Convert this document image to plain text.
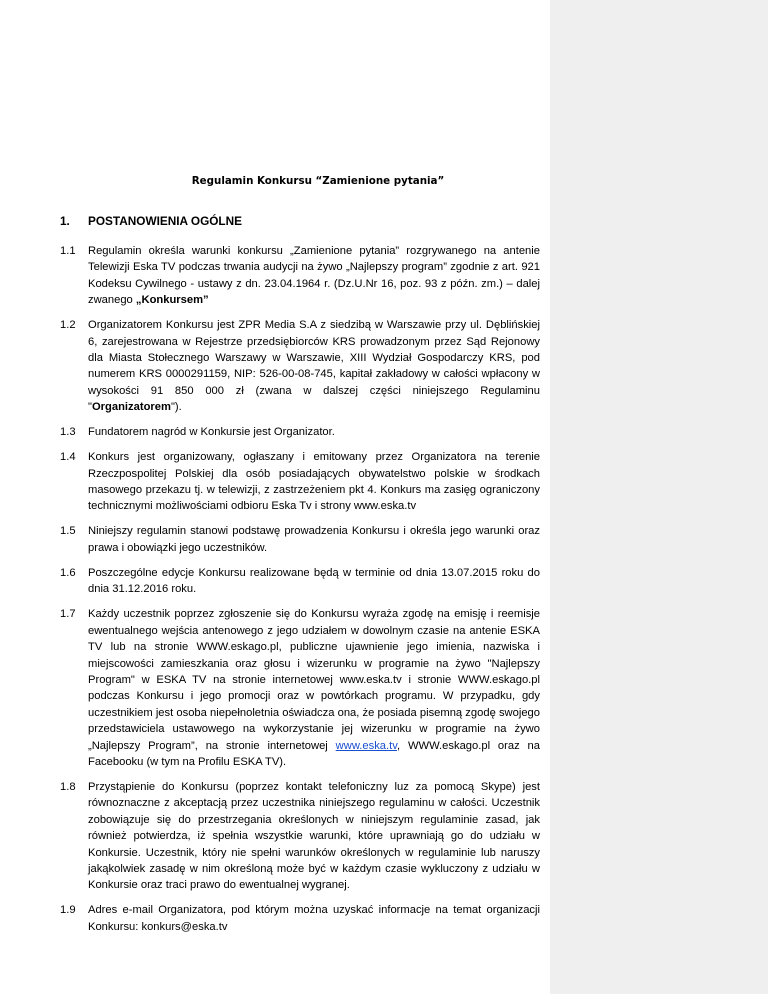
Regulamin Konkursu “Zamienione pytania”
1. POSTANOWIENIA OGÓLNE
1.1	Regulamin określa warunki konkursu „Zamienione pytania” rozgrywanego na antenie Telewizji Eska TV podczas trwania audycji na żywo „Najlepszy program” zgodnie z art. 921 Kodeksu Cywilnego - ustawy z dn. 23.04.1964 r. (Dz.U.Nr 16, poz. 93 z późn. zm.) – dalej zwanego „Konkursem”
1.2	Organizatorem Konkursu jest ZPR Media S.A z siedzibą w Warszawie przy ul. Dęblińskiej 6, zarejestrowana w Rejestrze przedsiębiorców KRS prowadzonym przez Sąd Rejonowy dla Miasta Stołecznego Warszawy w Warszawie, XIII Wydział Gospodarczy KRS, pod numerem KRS 0000291159, NIP: 526-00-08-745, kapitał zakładowy w całości wpłacony w wysokości 91 850 000 zł (zwana w dalszej części niniejszego Regulaminu "Organizatorem").
1.3	Fundatorem nagród w Konkursie jest Organizator.
1.4	Konkurs jest organizowany, ogłaszany i emitowany przez Organizatora na terenie Rzeczpospolitej Polskiej dla osób posiadających obywatelstwo polskie w środkach masowego przekazu tj. w telewizji, z zastrzeżeniem pkt 4. Konkurs ma zasięg ograniczony technicznymi możliwościami odbioru Eska Tv i strony www.eska.tv
1.5	Niniejszy regulamin stanowi podstawę prowadzenia Konkursu i określa jego warunki oraz prawa i obowiązki jego uczestników.
1.6	Poszczególne edycje Konkursu realizowane będą w terminie od dnia 13.07.2015 roku do dnia 31.12.2016 roku.
1.7	Każdy uczestnik poprzez zgłoszenie się do Konkursu wyraża zgodę na emisję i reemisje ewentualnego wejścia antenowego z jego udziałem w dowolnym czasie na antenie ESKA TV lub na stronie WWW.eskago.pl, publiczne ujawnienie jego imienia, nazwiska i miejscowości zamieszkania oraz głosu i wizerunku w programie na żywo "Najlepszy Program" w ESKA TV na stronie internetowej www.eska.tv i stronie WWW.eskago.pl podczas Konkursu i jego promocji oraz w powtórkach programu. W przypadku, gdy uczestnikiem jest osoba niepełnoletnia oświadcza ona, że posiada pisemną zgodę swojego przedstawiciela ustawowego na wykorzystanie jej wizerunku w programie na żywo „Najlepszy Program”, na stronie internetowej www.eska.tv, WWW.eskago.pl oraz na Facebooku (w tym na Profilu ESKA TV).
1.8	Przystąpienie do Konkursu (poprzez kontakt telefoniczny luz za pomocą Skype) jest równoznaczne z akceptacją przez uczestnika niniejszego regulaminu w całości. Uczestnik zobowiązuje się do przestrzegania określonych w niniejszym regulaminie zasad, jak również potwierdza, iż spełnia wszystkie warunki, które uprawniają go do udziału w Konkursie. Uczestnik, który nie spełni warunków określonych w regulaminie lub naruszy jakąkolwiek zasadę w nim określoną może być w każdym czasie wykluczony z udziału w Konkursie oraz traci prawo do ewentualnej wygranej.
1.9	Adres e-mail Organizatora, pod którym można uzyskać informacje na temat organizacji Konkursu: konkurs@eska.tv
